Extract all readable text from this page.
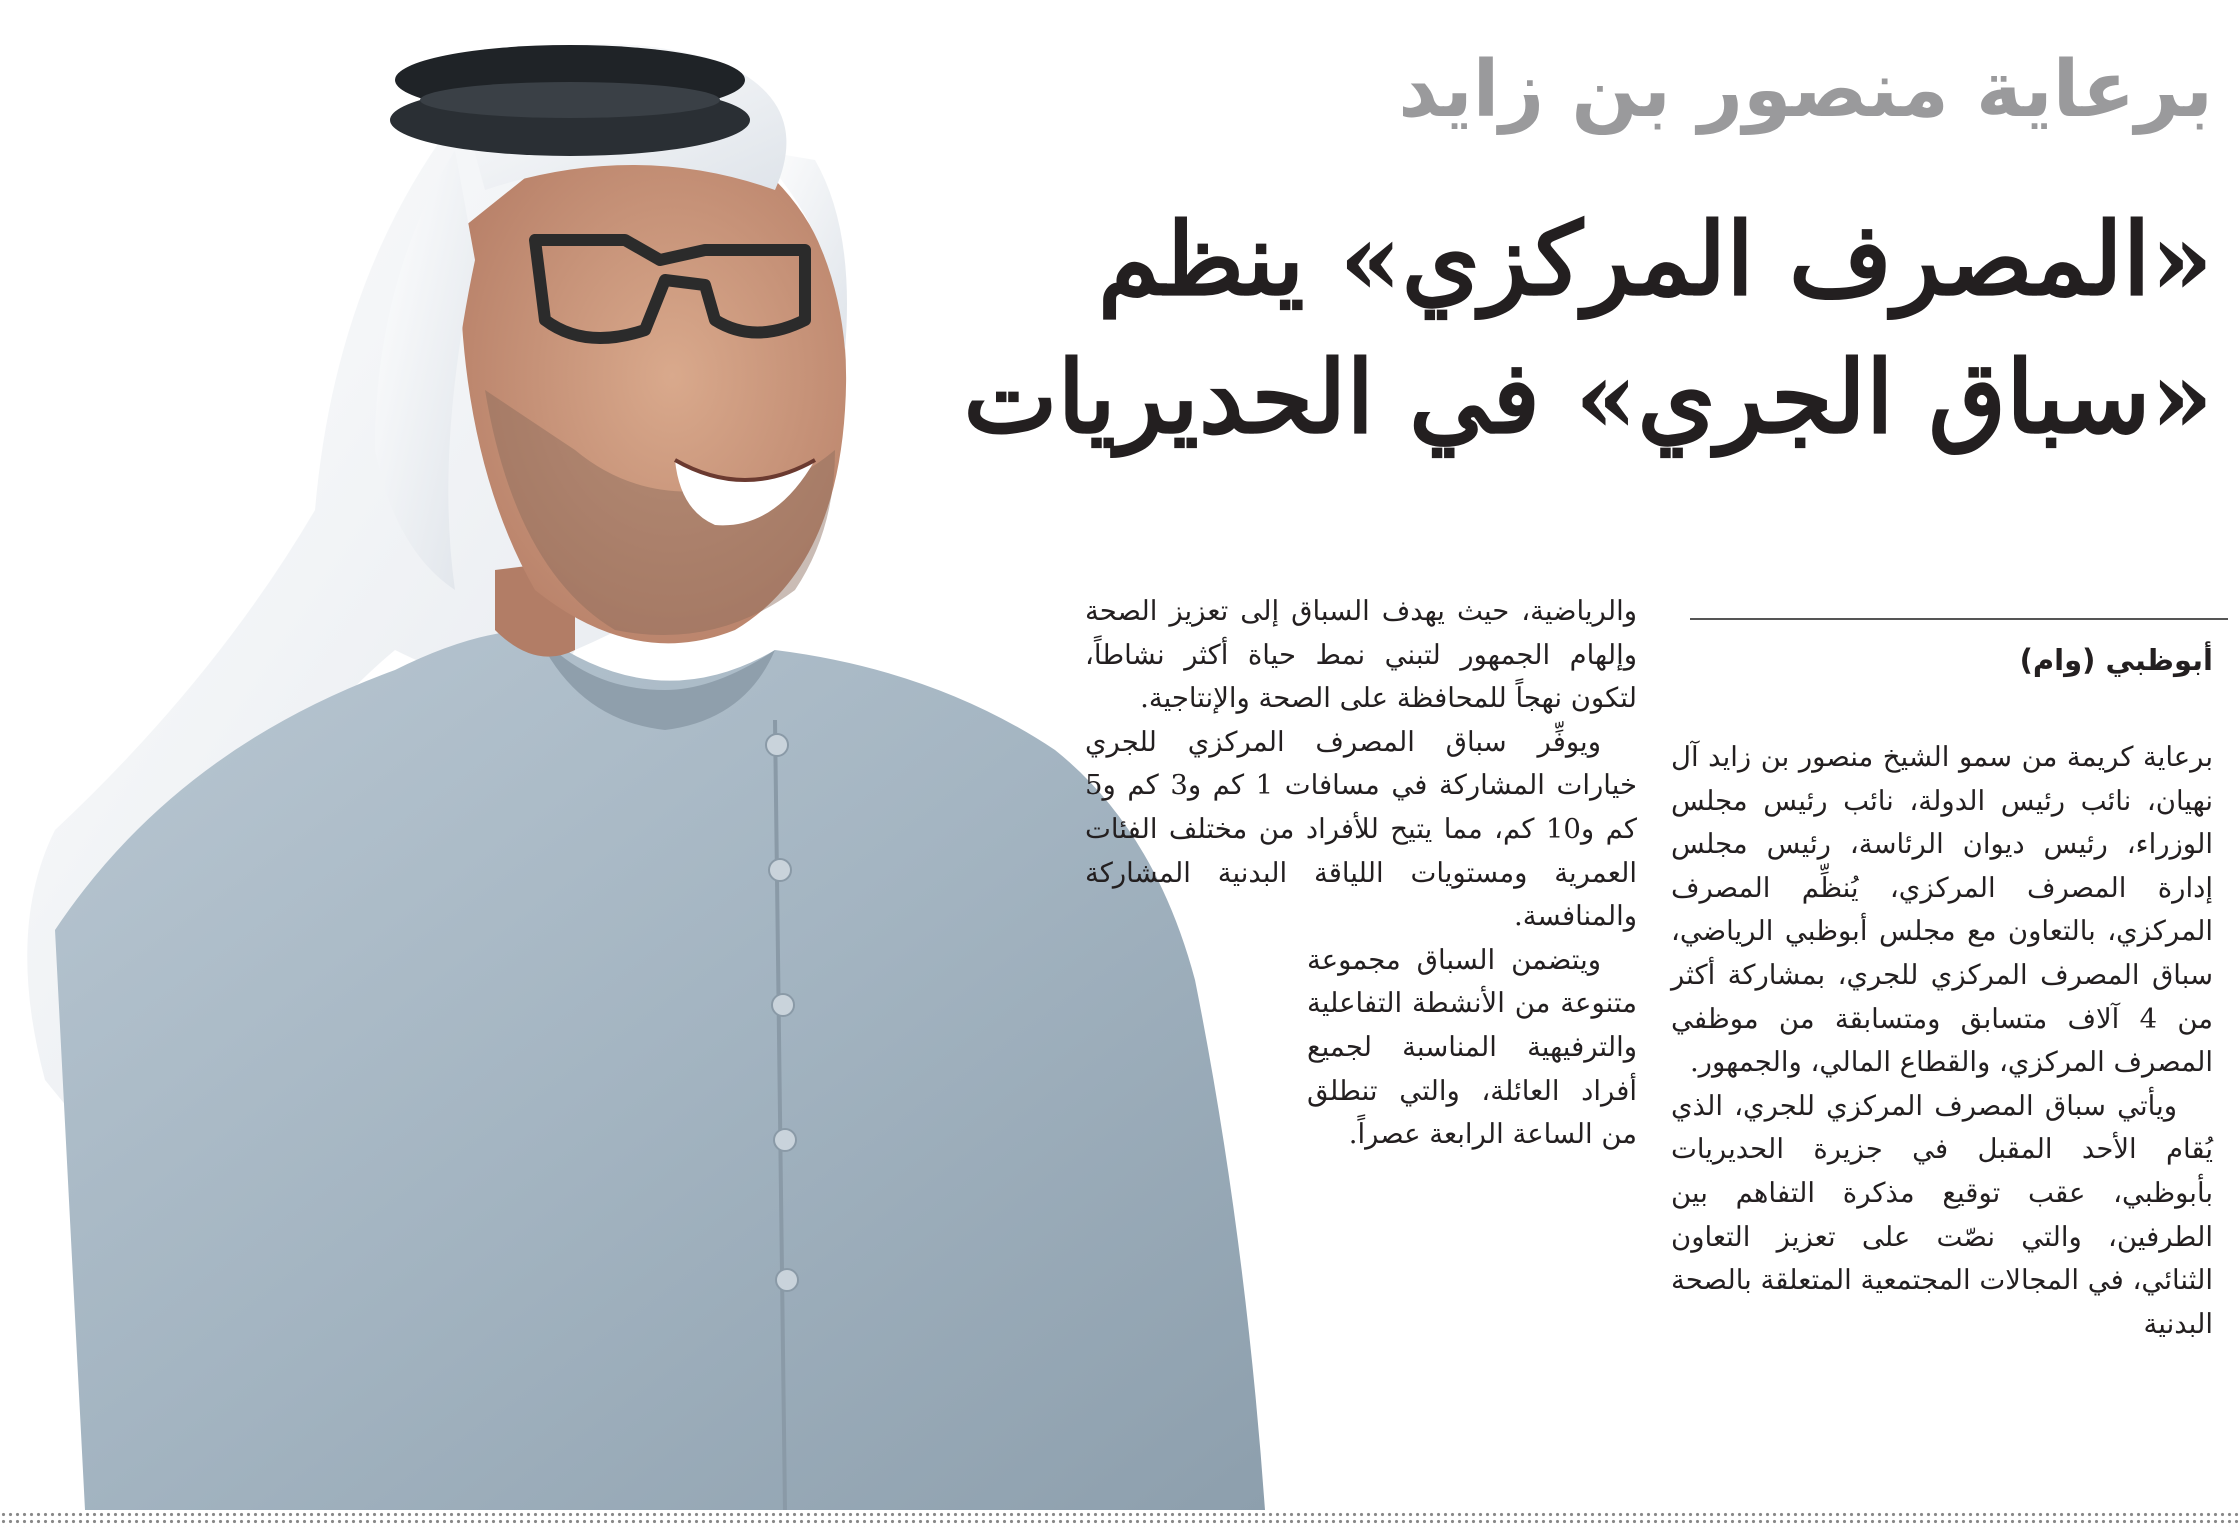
برعاية منصور بن زايد
«المصرف المركزي» ينظم
«سباق الجري» في الحديريات
أبوظبي (وام)

برعاية كريمة من سمو الشيخ منصور بن زايد آل نهيان، نائب رئيس الدولة، نائب رئيس مجلس الوزراء، رئيس ديوان الرئاسة، رئيس مجلس إدارة المصرف المركزي، يُنظِّم المصرف المركزي، بالتعاون مع مجلس أبوظبي الرياضي، سباق المصرف المركزي للجري، بمشاركة أكثر من 4 آلاف متسابق ومتسابقة من موظفي المصرف المركزي، والقطاع المالي، والجمهور.

ويأتي سباق المصرف المركزي للجري، الذي يُقام الأحد المقبل في جزيرة الحديريات بأبوظبي، عقب توقيع مذكرة التفاهم بين الطرفين، والتي نصّت على تعزيز التعاون الثنائي، في المجالات المجتمعية المتعلقة بالصحة البدنية

والرياضية، حيث يهدف السباق إلى تعزيز الصحة وإلهام الجمهور لتبني نمط حياة أكثر نشاطاً، لتكون نهجاً للمحافظة على الصحة والإنتاجية.

ويوفِّر سباق المصرف المركزي للجري خيارات المشاركة في مسافات 1 كم و3 كم و5 كم و10 كم، مما يتيح للأفراد من مختلف الفئات العمرية ومستويات اللياقة البدنية المشاركة والمنافسة.

ويتضمن السباق مجموعة متنوعة من الأنشطة التفاعلية والترفيهية المناسبة لجميع أفراد العائلة، والتي تنطلق من الساعة الرابعة عصراً.
